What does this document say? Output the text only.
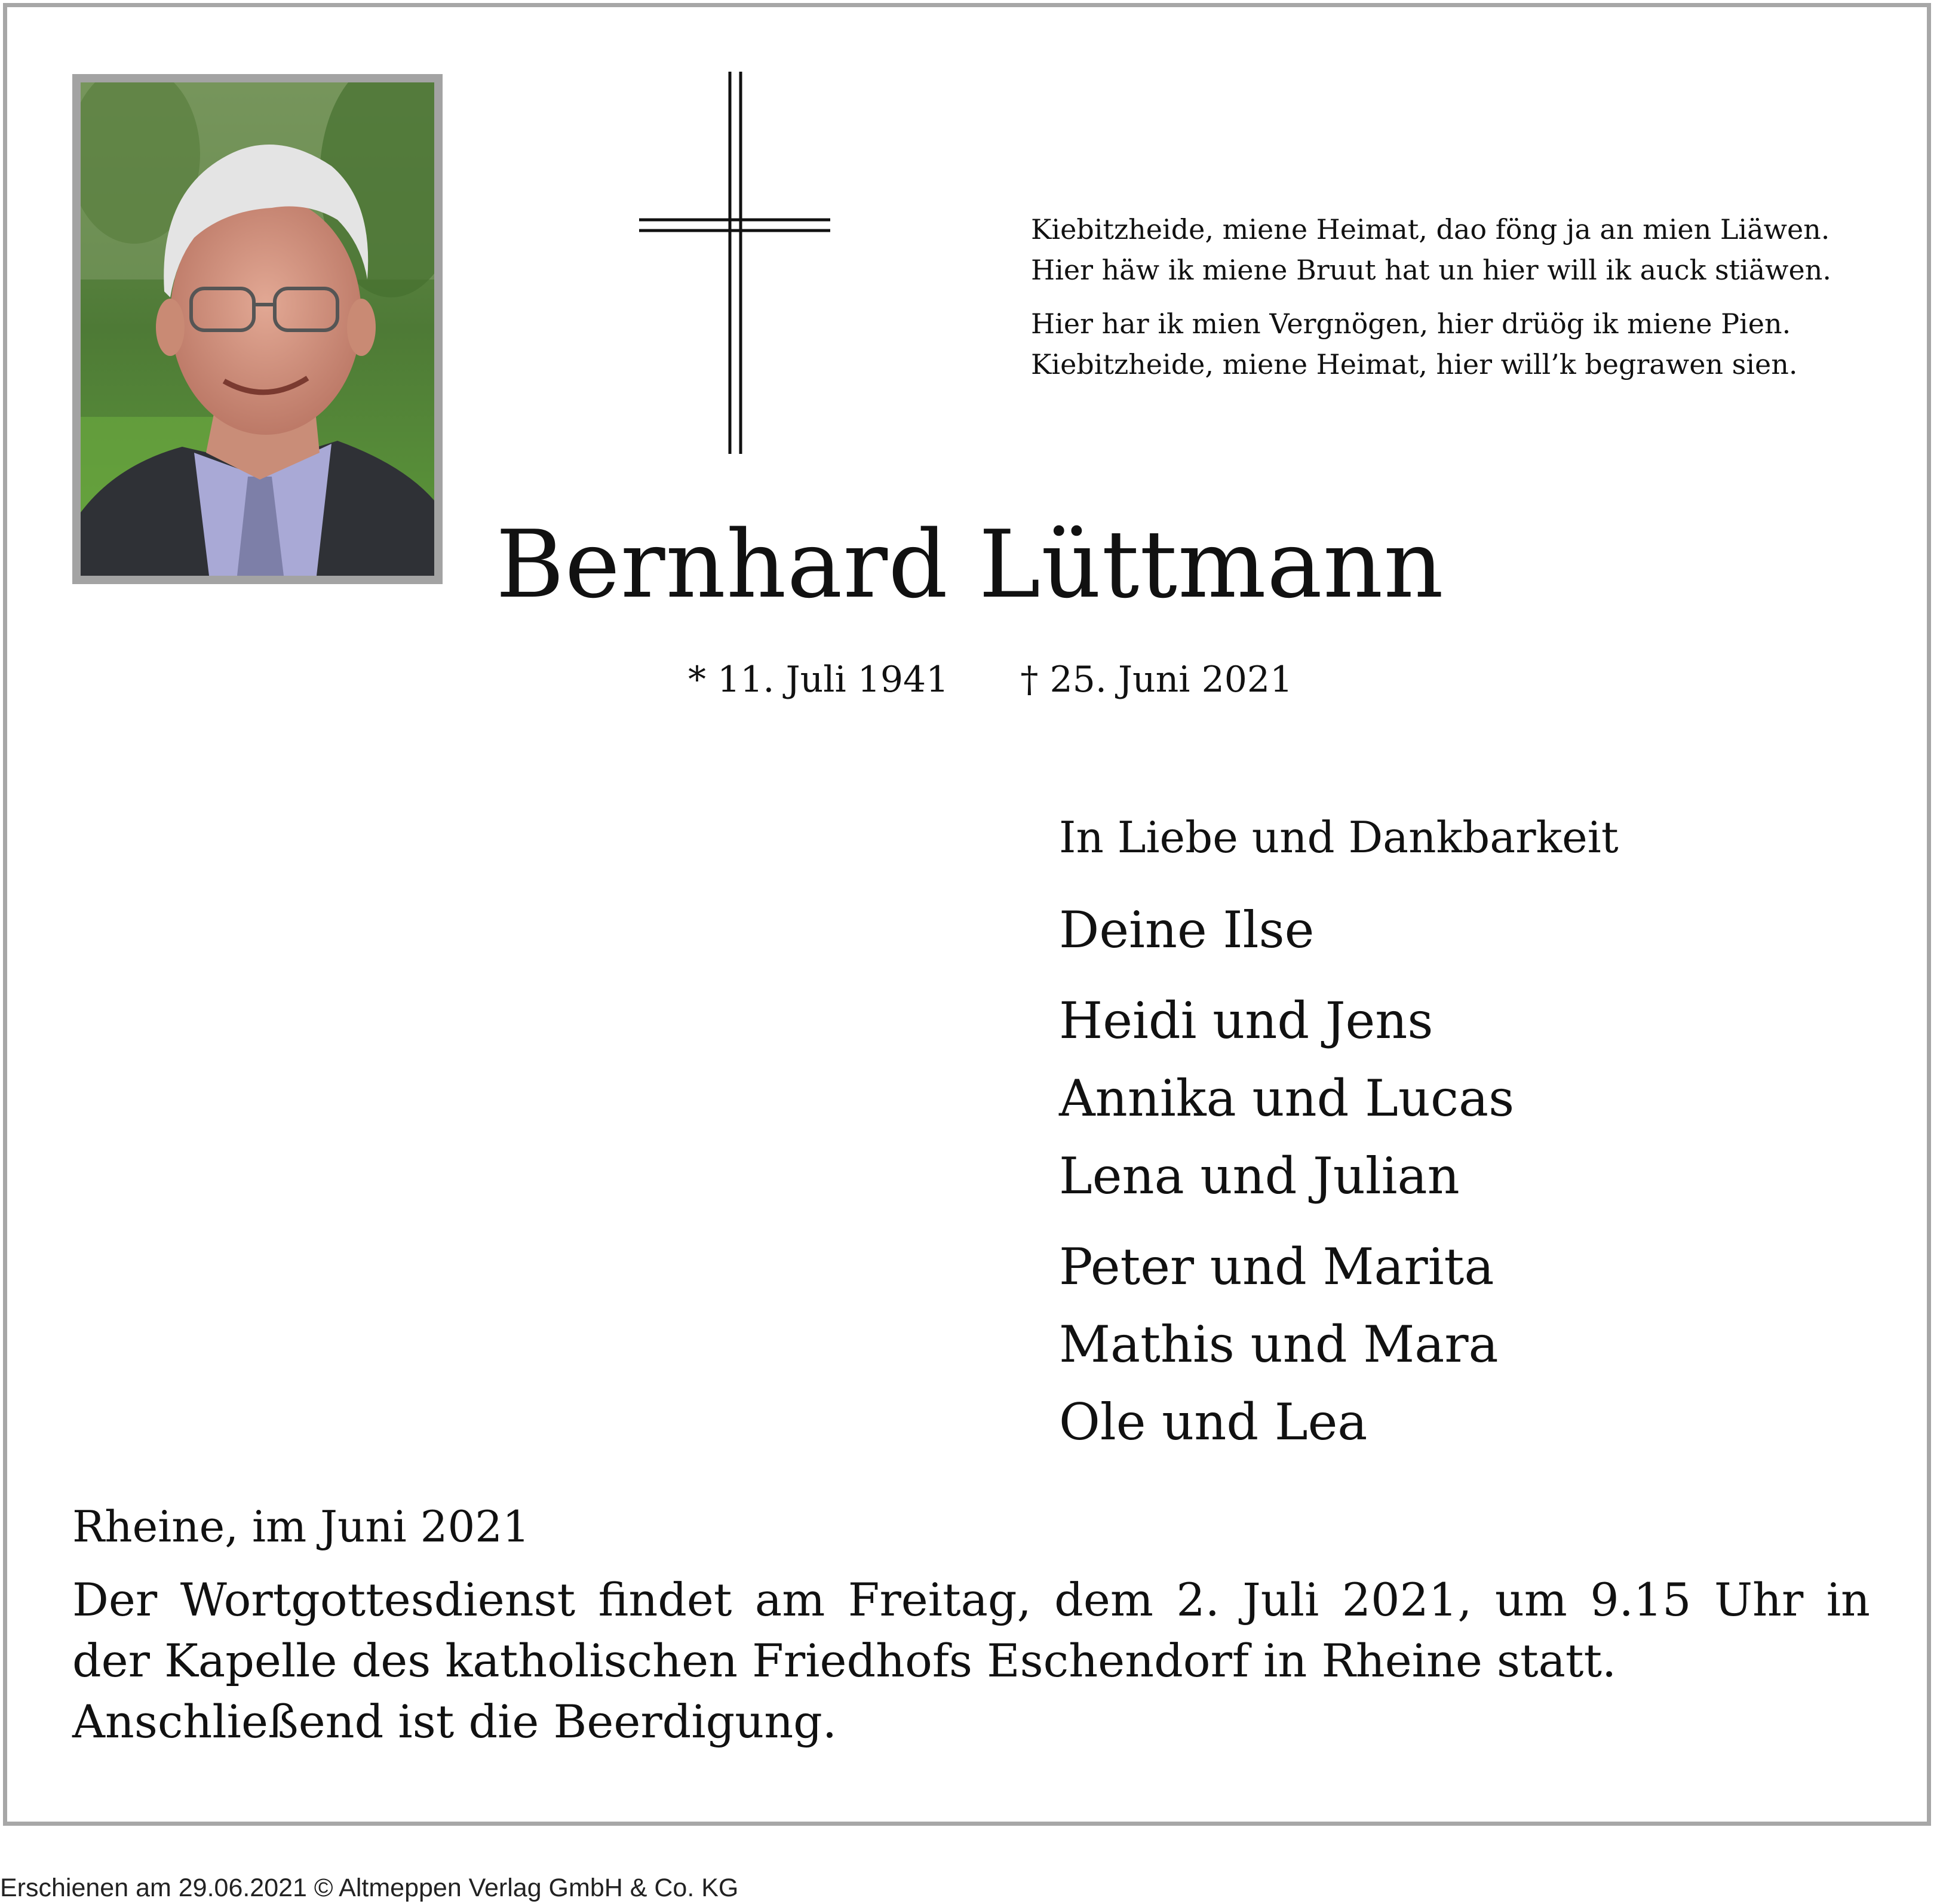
Kiebitzheide, miene Heimat, dao föng ja an mien Liäwen.
Hier häw ik miene Bruut hat un hier will ik auck stiäwen.

Hier har ik mien Vergnögen, hier drüög ik miene Pien.
Kiebitzheide, miene Heimat, hier will’k begrawen sien.

Bernhard Lüttmann
* 11. Juli 1941 † 25. Juni 2021

In Liebe und Dankbarkeit

Deine Ilse
Heidi und Jens
Annika und Lucas
Lena und Julian
Peter und Marita
Mathis und Mara
Ole und Lea
Rheine, im Juni 2021
Der Wortgottesdienst findet am Freitag, dem 2. Juli 2021, um 9.15 Uhr in
der Kapelle des katholischen Friedhofs Eschendorf in Rheine statt.
Anschließend ist die Beerdigung.
Erschienen am 29.06.2021 © Altmeppen Verlag GmbH & Co. KG
